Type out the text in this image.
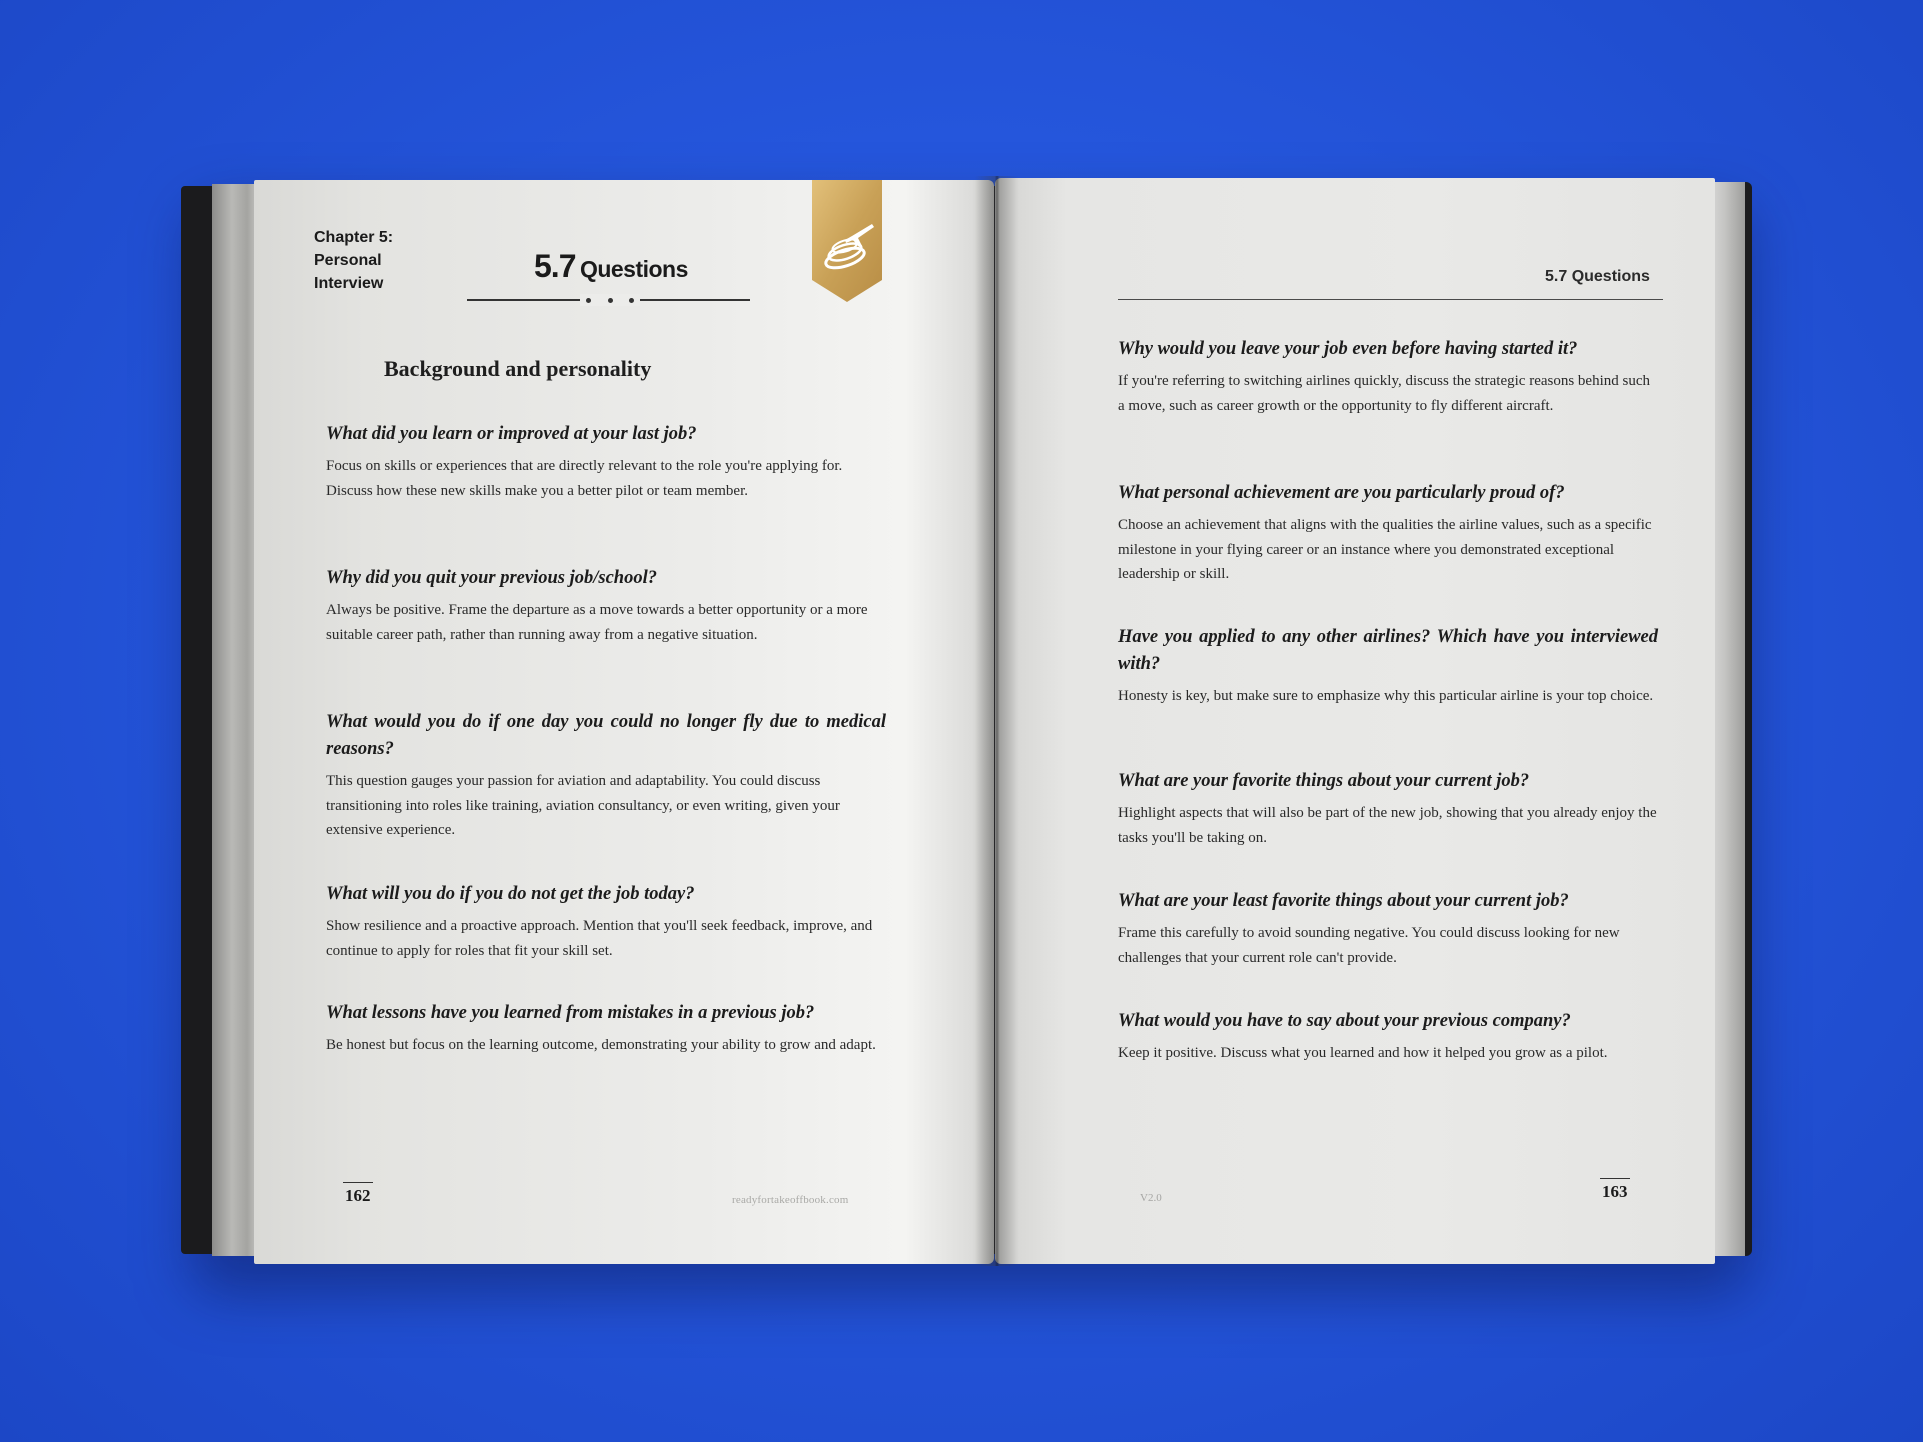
Chapter 5:
Personal
Interview	5.7 Questions
Background and personality

What did you learn or improved at your last job?

Focus on skills or experiences that are directly relevant to the role you're applying for. Discuss how these new skills make you a better pilot or team member.

Why did you quit your previous job/school?

Always be positive. Frame the departure as a move towards a better opportunity or a more suitable career path, rather than running away from a negative situation.

What would you do if one day you could no longer fly due to medical reasons?

This question gauges your passion for aviation and adaptability. You could discuss transitioning into roles like training, aviation consultancy, or even writing, given your extensive experience.

What will you do if you do not get the job today?

Show resilience and a proactive approach. Mention that you'll seek feedback, improve, and continue to apply for roles that fit your skill set.

What lessons have you learned from mistakes in a previous job?

Be honest but focus on the learning outcome, demonstrating your ability to grow and adapt.

162	readyfortakeoffbook.com
5.7 Questions

Why would you leave your job even before having started it?

If you're referring to switching airlines quickly, discuss the strategic reasons behind such a move, such as career growth or the opportunity to fly different aircraft.

What personal achievement are you particularly proud of?

Choose an achievement that aligns with the qualities the airline values, such as a specific milestone in your flying career or an instance where you demonstrated exceptional leadership or skill.

Have you applied to any other airlines? Which have you interviewed with?

Honesty is key, but make sure to emphasize why this particular airline is your top choice.

What are your favorite things about your current job?

Highlight aspects that will also be part of the new job, showing that you already enjoy the tasks you'll be taking on.

What are your least favorite things about your current job?

Frame this carefully to avoid sounding negative. You could discuss looking for new challenges that your current role can't provide.

What would you have to say about your previous company?

Keep it positive. Discuss what you learned and how it helped you grow as a pilot.

V2.0	163
